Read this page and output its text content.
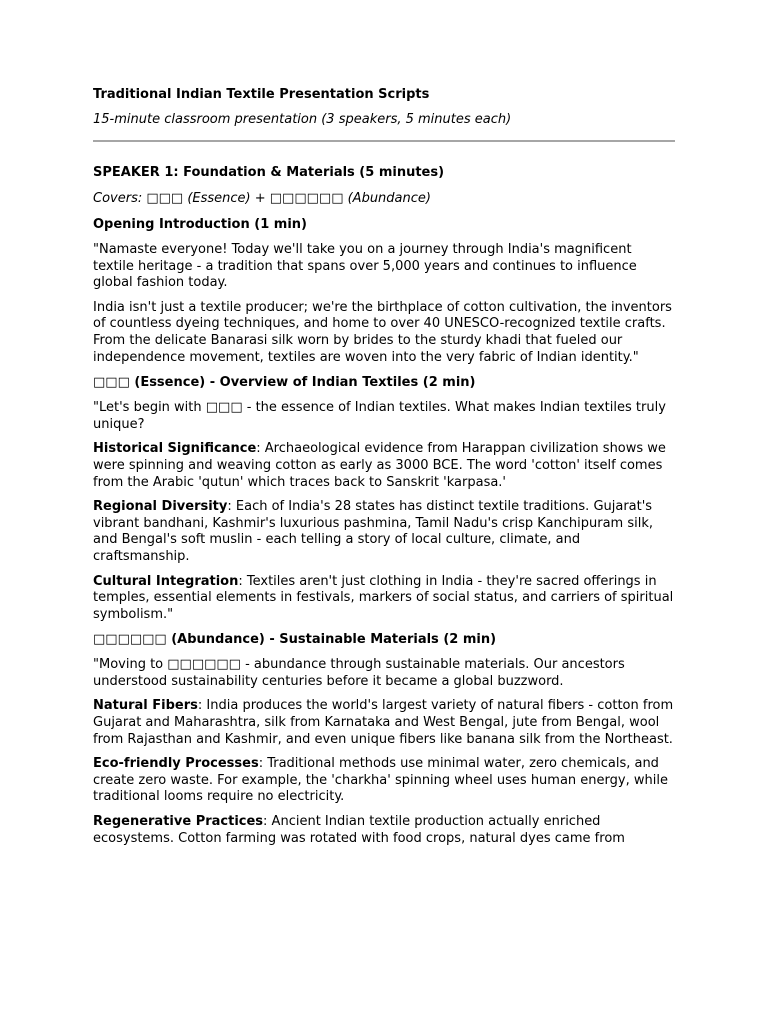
Traditional Indian Textile Presentation Scripts

15-minute classroom presentation (3 speakers, 5 minutes each)

SPEAKER 1: Foundation & Materials (5 minutes)

Covers: □□□ (Essence) + □□□□□□ (Abundance)

Opening Introduction (1 min)

"Namaste everyone! Today we'll take you on a journey through India's magnificent textile heritage - a tradition that spans over 5,000 years and continues to influence global fashion today.

India isn't just a textile producer; we're the birthplace of cotton cultivation, the inventors of countless dyeing techniques, and home to over 40 UNESCO-recognized textile crafts. From the delicate Banarasi silk worn by brides to the sturdy khadi that fueled our independence movement, textiles are woven into the very fabric of Indian identity."

□□□ (Essence) - Overview of Indian Textiles (2 min)

"Let's begin with □□□ - the essence of Indian textiles. What makes Indian textiles truly unique?

Historical Significance: Archaeological evidence from Harappan civilization shows we were spinning and weaving cotton as early as 3000 BCE. The word 'cotton' itself comes from the Arabic 'qutun' which traces back to Sanskrit 'karpasa.'

Regional Diversity: Each of India's 28 states has distinct textile traditions. Gujarat's vibrant bandhani, Kashmir's luxurious pashmina, Tamil Nadu's crisp Kanchipuram silk, and Bengal's soft muslin - each telling a story of local culture, climate, and craftsmanship.

Cultural Integration: Textiles aren't just clothing in India - they're sacred offerings in temples, essential elements in festivals, markers of social status, and carriers of spiritual symbolism."

□□□□□□ (Abundance) - Sustainable Materials (2 min)

"Moving to □□□□□□ - abundance through sustainable materials. Our ancestors understood sustainability centuries before it became a global buzzword.

Natural Fibers: India produces the world's largest variety of natural fibers - cotton from Gujarat and Maharashtra, silk from Karnataka and West Bengal, jute from Bengal, wool from Rajasthan and Kashmir, and even unique fibers like banana silk from the Northeast.

Eco-friendly Processes: Traditional methods use minimal water, zero chemicals, and create zero waste. For example, the 'charkha' spinning wheel uses human energy, while traditional looms require no electricity.

Regenerative Practices: Ancient Indian textile production actually enriched ecosystems. Cotton farming was rotated with food crops, natural dyes came from
